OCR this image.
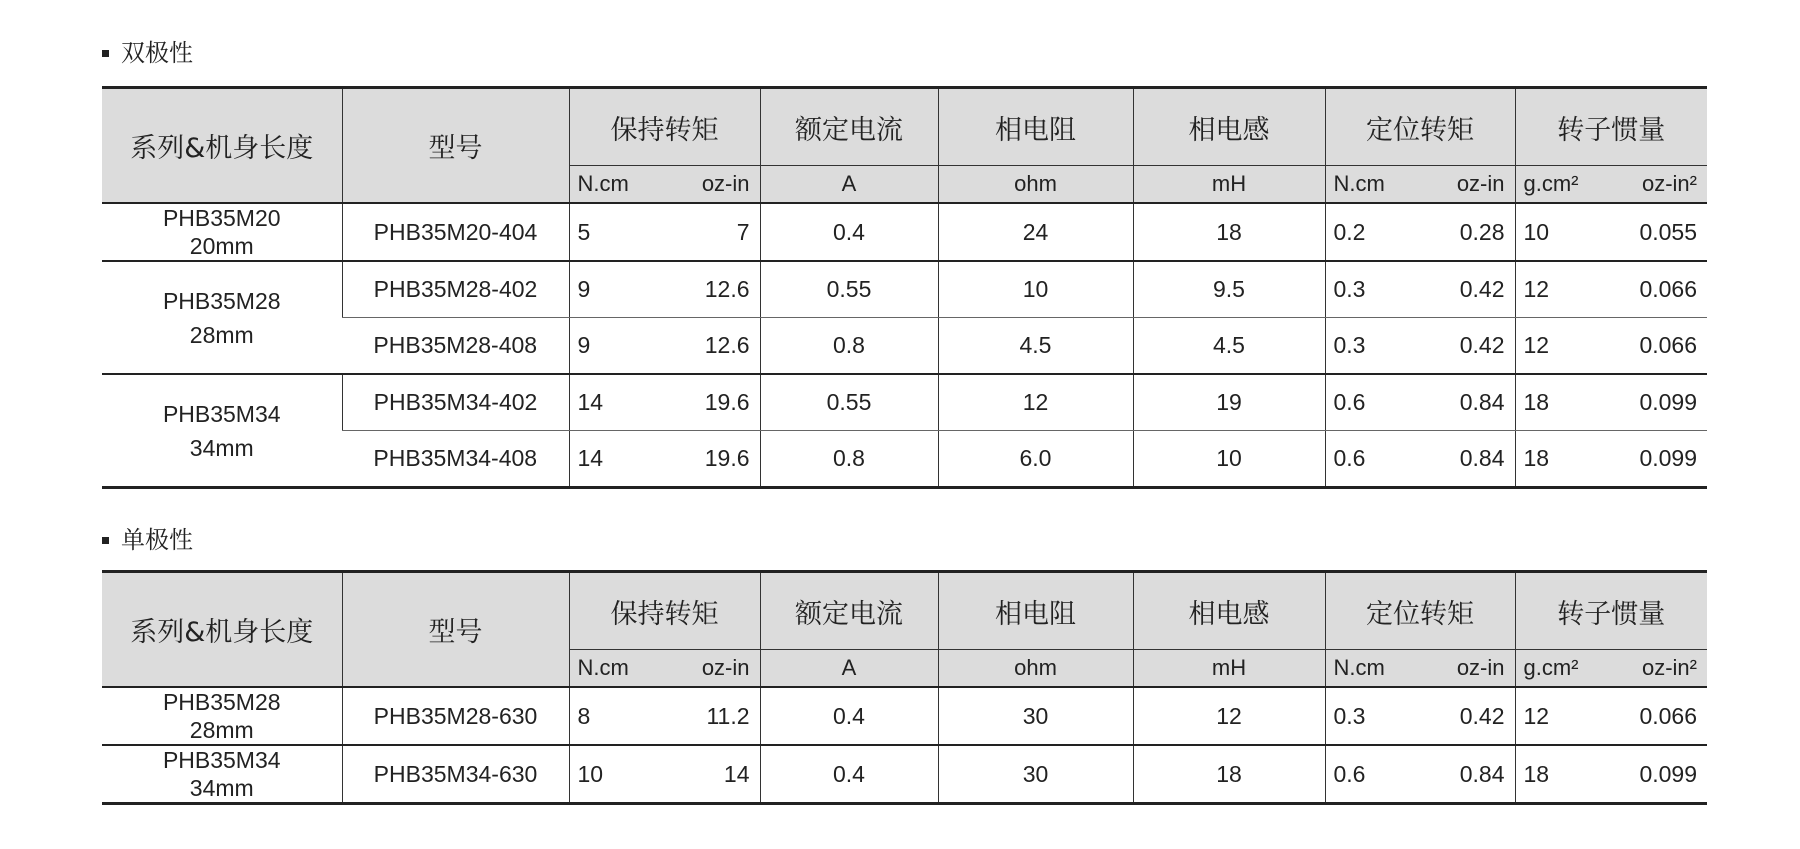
双极性
系列&机身长度	型号	保持转矩		额定电流	相电阻	相电感	定位转矩		转子惯量	
		N.cm	oz-in	A	ohm	mH	N.cm	oz-in	g.cm²	oz-in²

PHB35M20
20mm	PHB35M20-404	5	7	0.4	24	18	0.2	0.28	10	0.055

PHB35M28
28mm	PHB35M28-402	9	12.6	0.55	10	9.5	0.3	0.42	12	0.066
	PHB35M28-408	9	12.6	0.8	4.5	4.5	0.3	0.42	12	0.066

PHB35M34
34mm	PHB35M34-402	14	19.6	0.55	12	19	0.6	0.84	18	0.099
	PHB35M34-408	14	19.6	0.8	6.0	10	0.6	0.84	18	0.099
单极性
系列&机身长度	型号	保持转矩		额定电流	相电阻	相电感	定位转矩		转子惯量	
		N.cm	oz-in	A	ohm	mH	N.cm	oz-in	g.cm²	oz-in²

PHB35M28
28mm	PHB35M28-630	8	11.2	0.4	30	12	0.3	0.42	12	0.066

PHB35M34
34mm	PHB35M34-630	10	14	0.4	30	18	0.6	0.84	18	0.099
